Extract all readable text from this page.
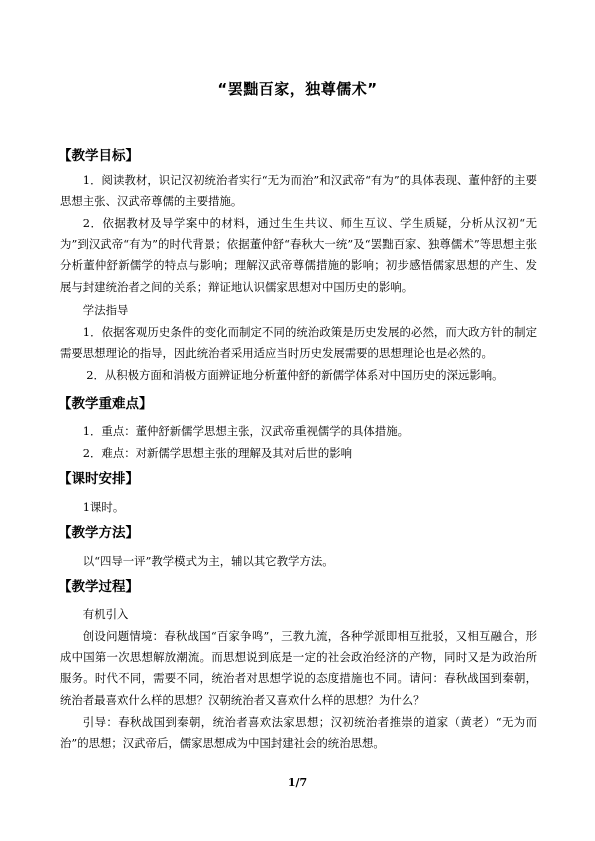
“罢黜百家，独尊儒术”
【教学目标】
1．阅读教材，识记汉初统治者实行“无为而治”和汉武帝“有为”的具体表现、董仲舒的主要思想主张、汉武帝尊儒的主要措施。
2．依据教材及导学案中的材料，通过生生共议、师生互议、学生质疑，分析从汉初“无为”到汉武帝“有为”的时代背景；依据董仲舒“春秋大一统”及“罢黜百家、独尊儒术”等思想主张分析董仲舒新儒学的特点与影响；理解汉武帝尊儒措施的影响；初步感悟儒家思想的产生、发展与封建统治者之间的关系；辩证地认识儒家思想对中国历史的影响。
学法指导
1．依据客观历史条件的变化而制定不同的统治政策是历史发展的必然，而大政方针的制定需要思想理论的指导，因此统治者采用适应当时历史发展需要的思想理论也是必然的。
2．从积极方面和消极方面辨证地分析董仲舒的新儒学体系对中国历史的深远影响。
【教学重难点】
1．重点：董仲舒新儒学思想主张，汉武帝重视儒学的具体措施。
2．难点：对新儒学思想主张的理解及其对后世的影响
【课时安排】
1课时。
【教学方法】
以“四导一评”教学模式为主，辅以其它教学方法。
【教学过程】
有机引入
创设问题情境：春秋战国“百家争鸣”，三教九流，各种学派即相互批驳，又相互融合，形成中国第一次思想解放潮流。而思想说到底是一定的社会政治经济的产物，同时又是为政治所服务。时代不同，需要不同，统治者对思想学说的态度措施也不同。请问：春秋战国到秦朝，统治者最喜欢什么样的思想？汉朝统治者又喜欢什么样的思想？为什么？
引导：春秋战国到秦朝，统治者喜欢法家思想；汉初统治者推崇的道家（黄老）“无为而治”的思想；汉武帝后，儒家思想成为中国封建社会的统治思想。
1/7
